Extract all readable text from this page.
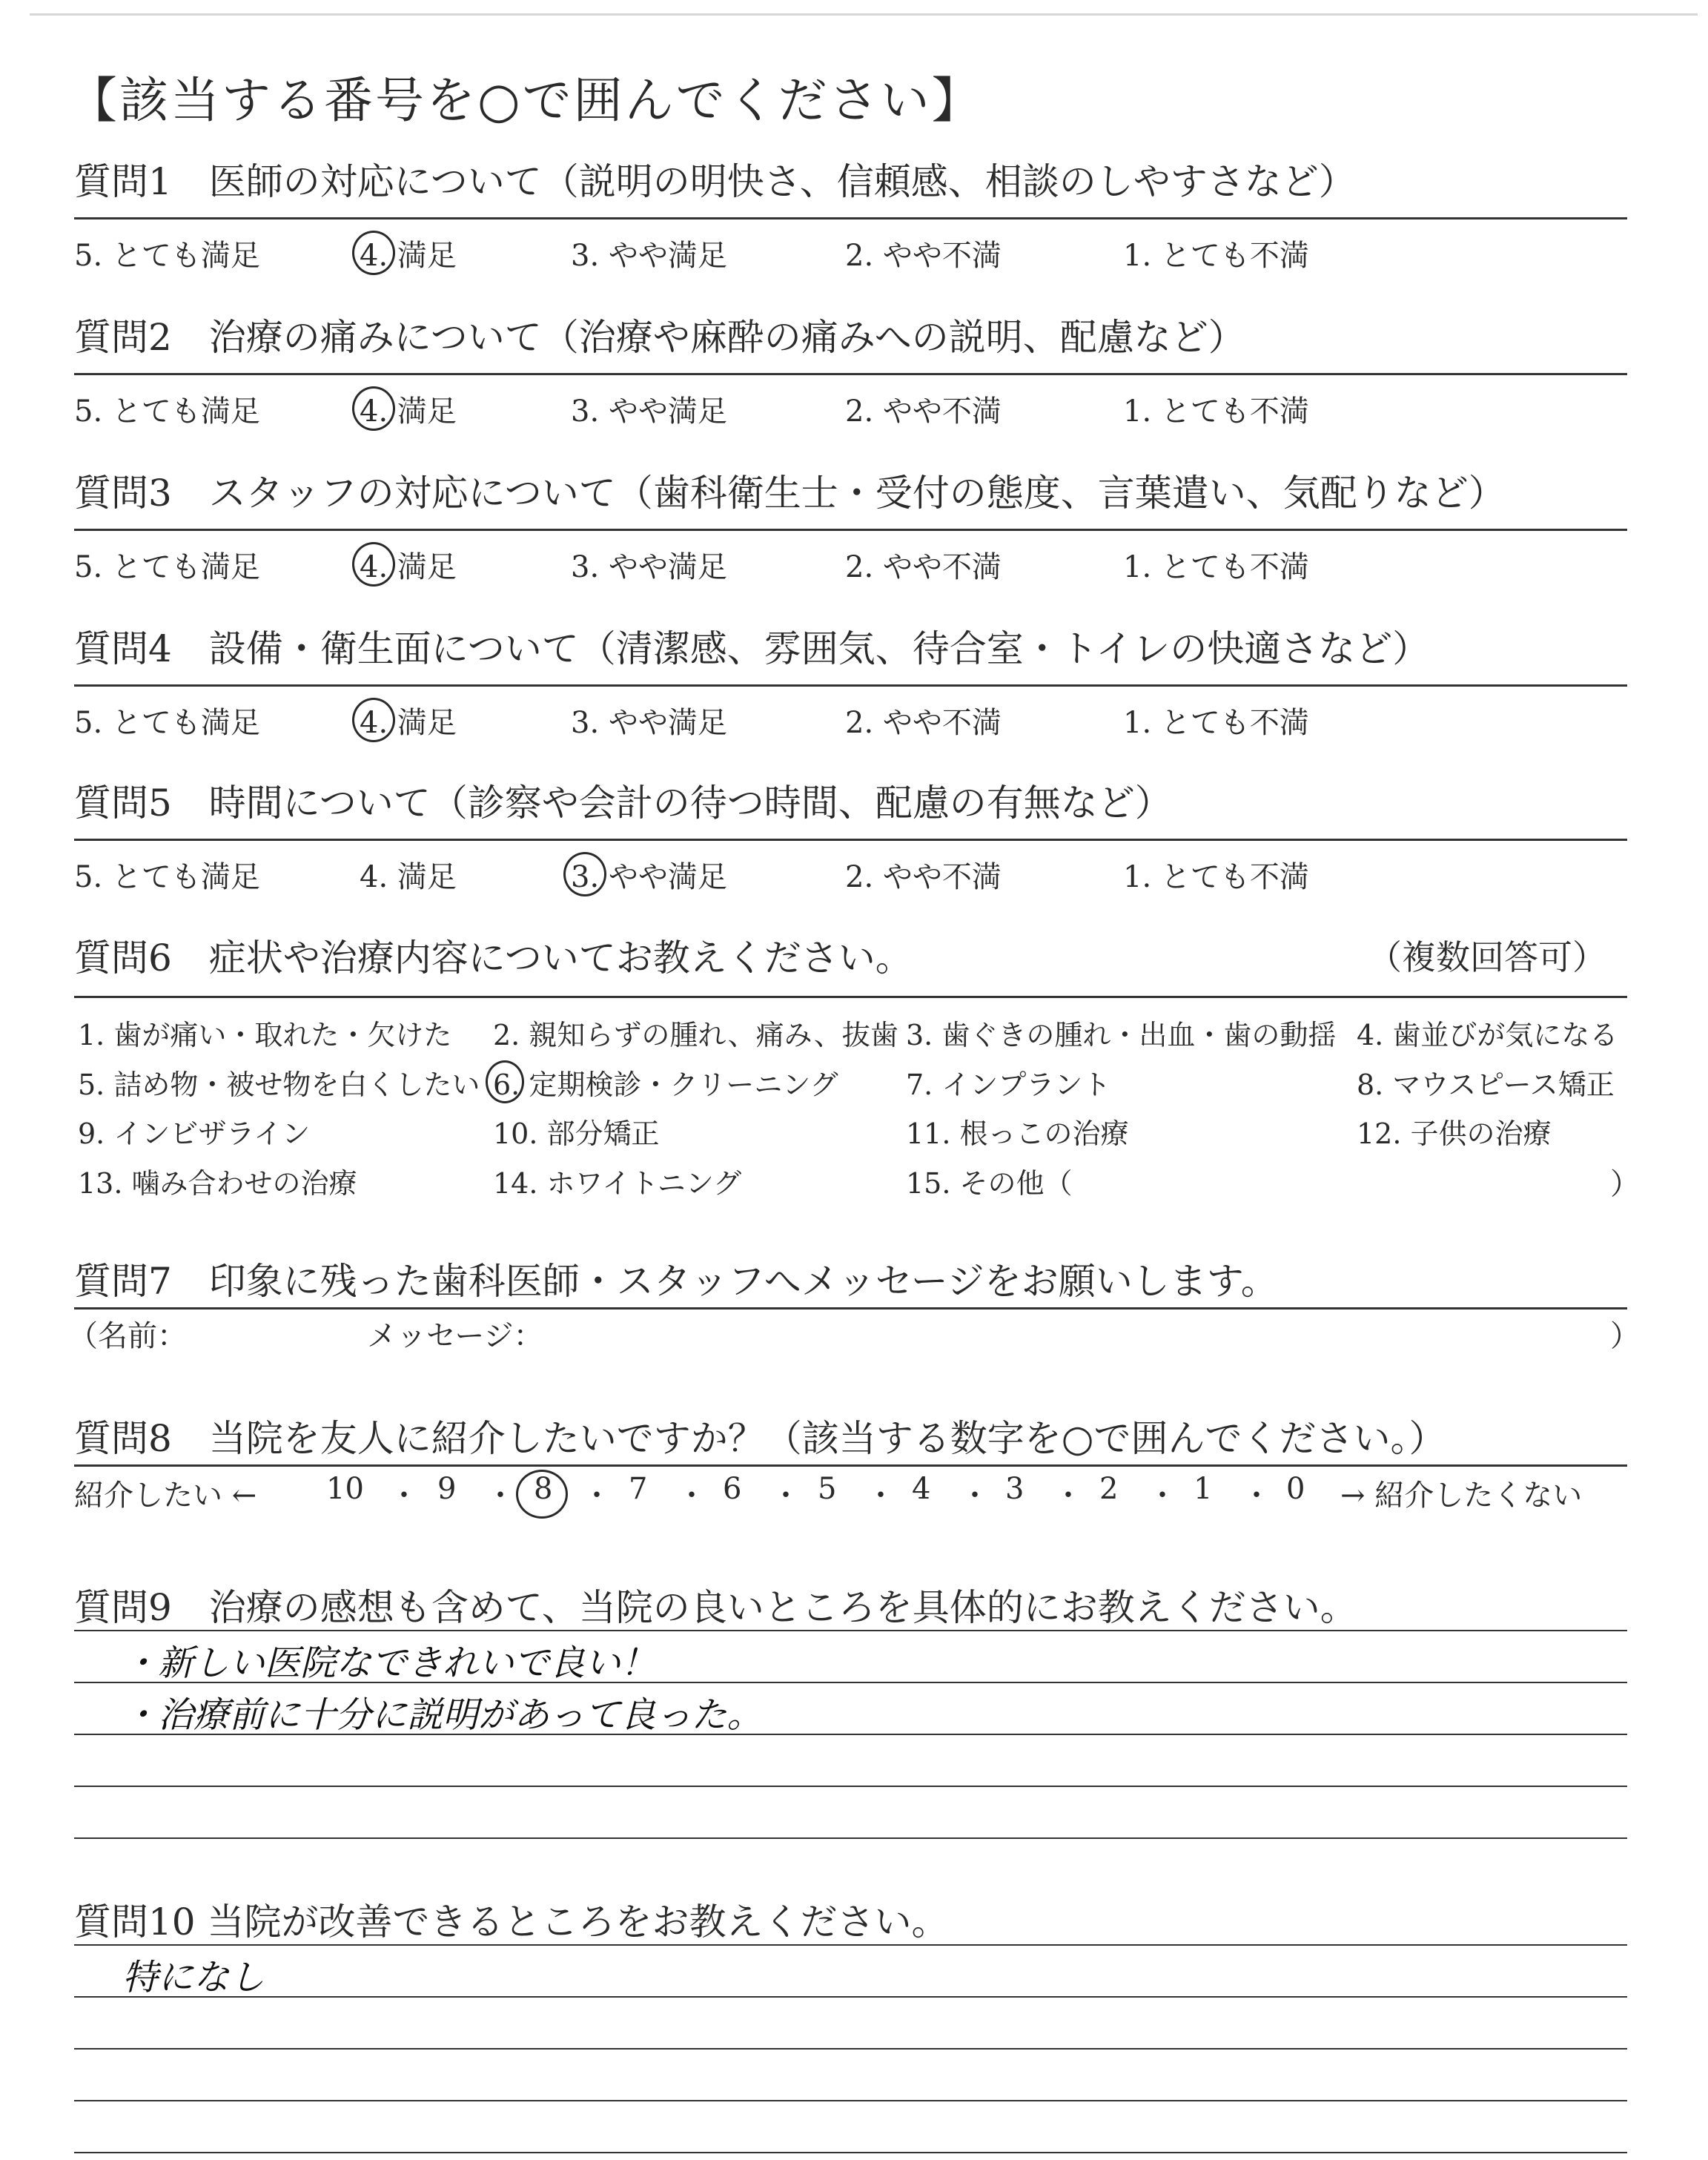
【該当する番号を○で囲んでください】
質問1　医師の対応について（説明の明快さ、信頼感、相談のしやすさなど）
5. とても満足	4. 満足	3. やや満足	2. やや不満	1. とても不満
質問2　治療の痛みについて（治療や麻酔の痛みへの説明、配慮など）
5. とても満足	4. 満足	3. やや満足	2. やや不満	1. とても不満
質問3　スタッフの対応について（歯科衛生士・受付の態度、言葉遣い、気配りなど）
5. とても満足	4. 満足	3. やや満足	2. やや不満	1. とても不満
質問4　設備・衛生面について（清潔感、雰囲気、待合室・トイレの快適さなど）
5. とても満足	4. 満足	3. やや満足	2. やや不満	1. とても不満
質問5　時間について（診察や会計の待つ時間、配慮の有無など）
5. とても満足	4. 満足	3. やや満足	2. やや不満	1. とても不満
質問6　症状や治療内容についてお教えください。	（複数回答可）
1. 歯が痛い・取れた・欠けた 2. 親知らずの腫れ、痛み、抜歯 3. 歯ぐきの腫れ・出血・歯の動揺 4. 歯並びが気になる
5. 詰め物・被せ物を白くしたい 6. 定期検診・クリーニング 7. インプラント	8. マウスピース矯正
9. インビザライン	10. 部分矯正	11. 根っこの治療	12. 子供の治療
13. 噛み合わせの治療	14. ホワイトニング	15. その他（	）
質問7　印象に残った歯科医師・スタッフへメッセージをお願いします。
（名前：	メッセージ：	）
質問8　当院を友人に紹介したいですか？（該当する数字を○で囲んでください。）
紹介したい ←	→ 紹介したくない
10 ・ 9 ・ 8 ・ 7 ・ 6 ・ 5 ・ 4 ・ 3 ・ 2 ・ 1 ・ 0
質問9　治療の感想も含めて、当院の良いところを具体的にお教えください。
・新しい医院なできれいで良い！
・治療前に十分に説明があって良った。
質問10 当院が改善できるところをお教えください。
特になし
